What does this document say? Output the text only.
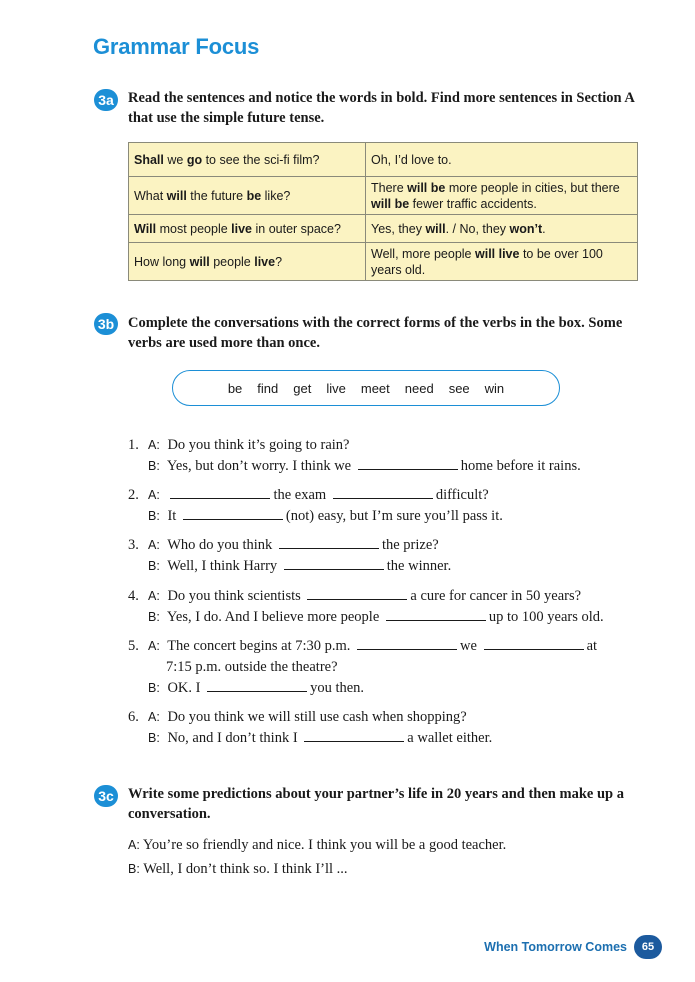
Grammar Focus
3a Read the sentences and notice the words in bold. Find more sentences in Section A that use the simple future tense.
Shall we go to see the sci-fi film?	Oh, I’d love to.
What will the future be like?	There will be more people in cities, but there will be fewer traffic accidents.
Will most people live in outer space?	Yes, they will. / No, they won’t.
How long will people live?	Well, more people will live to be over 100 years old.
3b Complete the conversations with the correct forms of the verbs in the box. Some verbs are used more than once.
be find get live meet need see win
1. A: Do you think it’s going to rain?
B: Yes, but don’t worry. I think we	home before it rains.
2. A:	the exam	difficult?
B: It	(not) easy, but I’m sure you’ll pass it.
3. A: Who do you think	the prize?
B: Well, I think Harry	the winner.
4. A: Do you think scientists	a cure for cancer in 50 years?
B: Yes, I do. And I believe more people	up to 100 years old.
5. A: The concert begins at 7:30 p.m.	we	at
7:15 p.m. outside the theatre?
B: OK. I	you then.
6. A: Do you think we will still use cash when shopping?
B: No, and I don’t think I	a wallet either.
3c Write some predictions about your partner’s life in 20 years and then make up a conversation.
A: You’re so friendly and nice. I think you will be a good teacher.
B: Well, I don’t think so. I think I’ll ...
When Tomorrow Comes	65
